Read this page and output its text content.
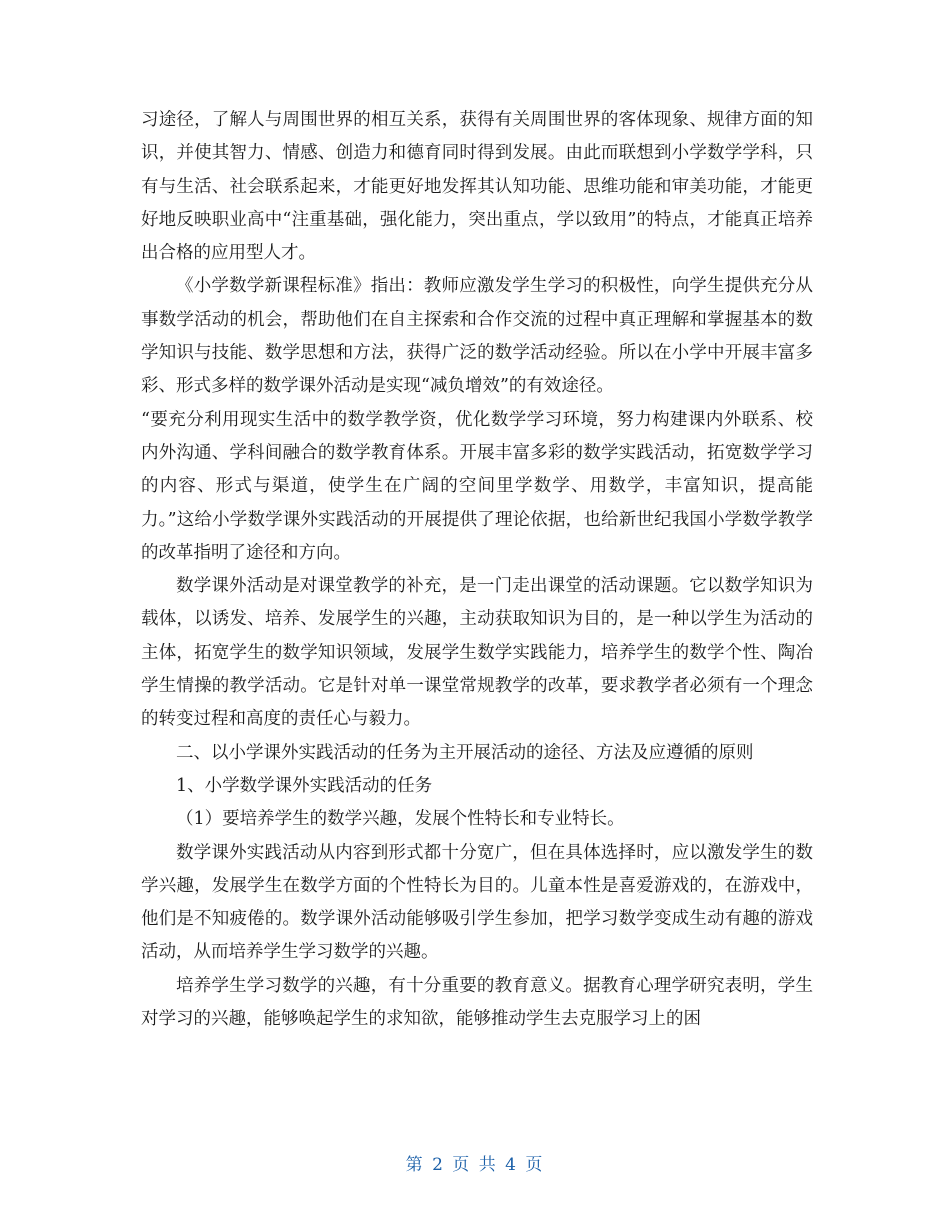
习途径，了解人与周围世界的相互关系，获得有关周围世界的客体现象、规律方面的知识，并使其智力、情感、创造力和德育同时得到发展。由此而联想到小学数学学科，只有与生活、社会联系起来，才能更好地发挥其认知功能、思维功能和审美功能，才能更好地反映职业高中“注重基础，强化能力，突出重点，学以致用”的特点，才能真正培养出合格的应用型人才。

《小学数学新课程标准》指出：教师应激发学生学习的积极性，向学生提供充分从事数学活动的机会，帮助他们在自主探索和合作交流的过程中真正理解和掌握基本的数学知识与技能、数学思想和方法，获得广泛的数学活动经验。所以在小学中开展丰富多彩、形式多样的数学课外活动是实现“减负增效”的有效途径。

“要充分利用现实生活中的数学教学资，优化数学学习环境，努力构建课内外联系、校内外沟通、学科间融合的数学教育体系。开展丰富多彩的数学实践活动，拓宽数学学习的内容、形式与渠道，使学生在广阔的空间里学数学、用数学，丰富知识，提高能力。”这给小学数学课外实践活动的开展提供了理论依据，也给新世纪我国小学数学教学的改革指明了途径和方向。

数学课外活动是对课堂教学的补充，是一门走出课堂的活动课题。它以数学知识为载体，以诱发、培养、发展学生的兴趣，主动获取知识为目的，是一种以学生为活动的主体，拓宽学生的数学知识领域，发展学生数学实践能力，培养学生的数学个性、陶冶学生情操的教学活动。它是针对单一课堂常规教学的改革，要求教学者必须有一个理念的转变过程和高度的责任心与毅力。

二、以小学课外实践活动的任务为主开展活动的途径、方法及应遵循的原则

1、小学数学课外实践活动的任务

（1）要培养学生的数学兴趣，发展个性特长和专业特长。

数学课外实践活动从内容到形式都十分宽广，但在具体选择时，应以激发学生的数学兴趣，发展学生在数学方面的个性特长为目的。儿童本性是喜爱游戏的，在游戏中，他们是不知疲倦的。数学课外活动能够吸引学生参加，把学习数学变成生动有趣的游戏活动，从而培养学生学习数学的兴趣。

培养学生学习数学的兴趣，有十分重要的教育意义。据教育心理学研究表明，学生对学习的兴趣，能够唤起学生的求知欲，能够推动学生去克服学习上的困

第 2 页 共 4 页
